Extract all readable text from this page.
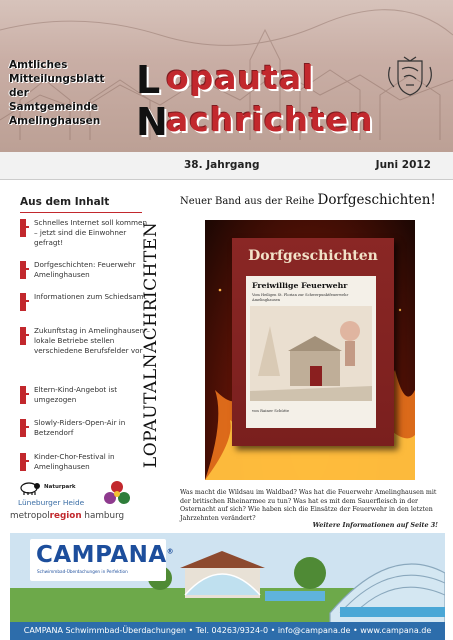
Amtliches
Mitteilungsblatt
der
Samtgemeinde
Amelinghausen
L opautal
N
achrichten
38. Jahrgang	Juni 2012
Aus dem Inhalt
Schnelles Internet soll kommen – jetzt sind die Einwohner gefragt!
Dorfgeschichten: Feuerwehr Amelinghausen
Informationen zum Schiedsamt
Zukunftstag in Amelinghausen – lokale Betriebe stellen verschiedene Berufsfelder vor
Eltern-Kind-Angebot ist umgezogen
Slowly-Riders-Open-Air in Betzendorf
Kinder-Chor-Festival in Amelinghausen	LOPAUTALNACHRICHTEN
Naturpark
Lüneburger Heide
metropolregion hamburg
Neuer Band aus der Reihe Dorfgeschichten!
Dorfgeschichten
Freiwillige Feuerwehr
Vom Heiligen St. Florian zur Schwerpunktfeuerwehr Amelinghausen
von Rainer Schütte
Was macht die Wildsau im Waldbad? Was hat die Feuerwehr Amelinghausen mit der britischen Rheinarmee zu tun? Was hat es mit dem Sauerfleisch in der Osternacht auf sich? Wie haben sich die Einsätze der Feuerwehr in den letzten Jahrzehnten verändert?
Weitere Informationen auf Seite 3!
CAMPANA®
Schwimmbad-Überdachungen in Perfektion
CAMPANA Schwimmbad-Überdachungen • Tel. 04263/9324-0 • info@campana.de • www.campana.de
